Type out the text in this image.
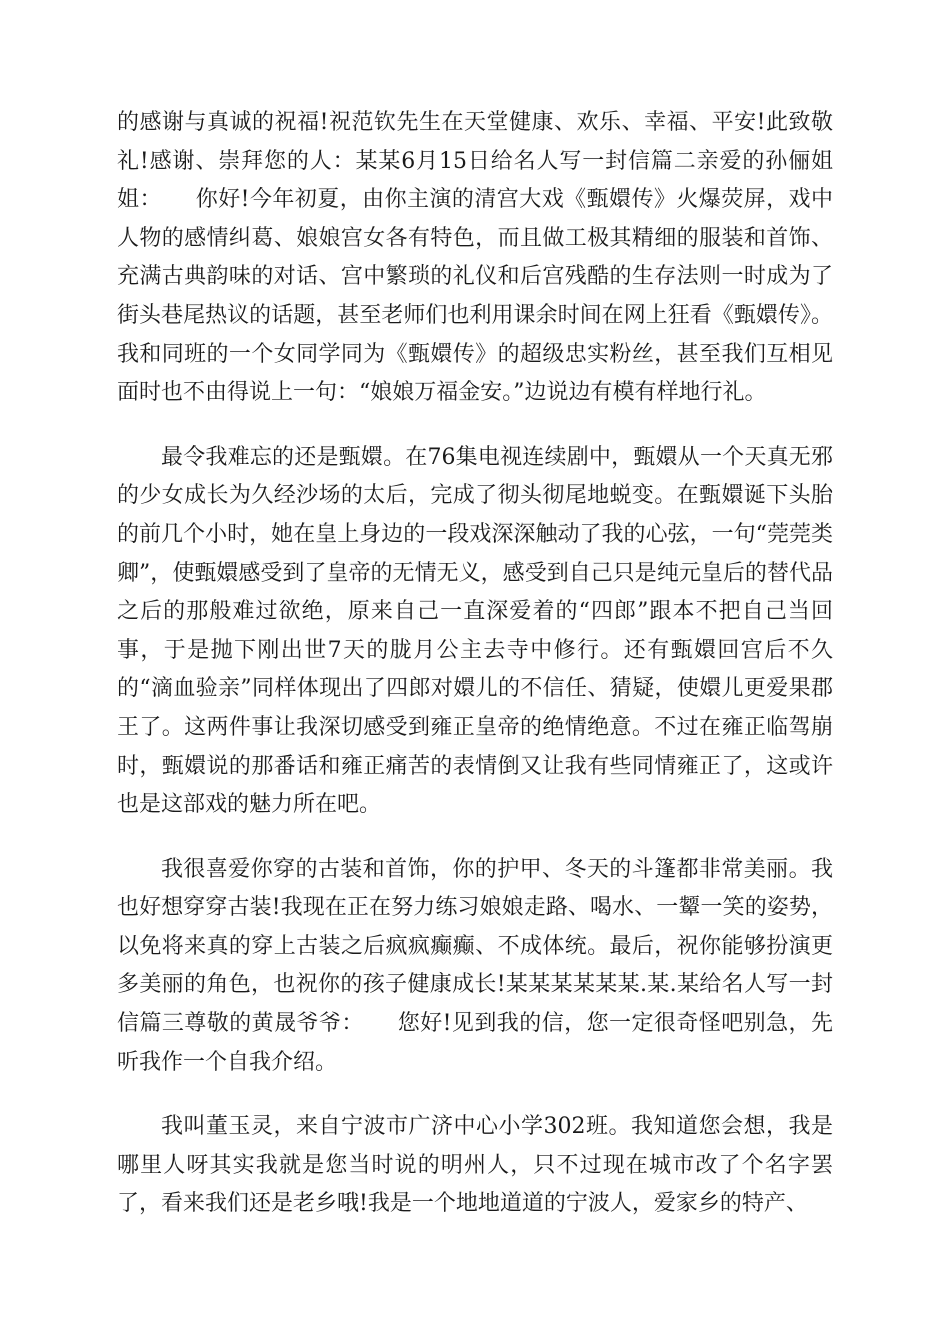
的感谢与真诚的祝福!祝范钦先生在天堂健康、欢乐、幸福、平安!此致敬礼!感谢、崇拜您的人：某某6月15日给名人写一封信篇二亲爱的孙俪姐姐：　　你好!今年初夏，由你主演的清宫大戏《甄嬛传》火爆荧屏，戏中人物的感情纠葛、娘娘宫女各有特色，而且做工极其精细的服装和首饰、充满古典韵味的对话、宫中繁琐的礼仪和后宫残酷的生存法则一时成为了街头巷尾热议的话题，甚至老师们也利用课余时间在网上狂看《甄嬛传》。我和同班的一个女同学同为《甄嬛传》的超级忠实粉丝，甚至我们互相见面时也不由得说上一句：“娘娘万福金安。”边说边有模有样地行礼。

最令我难忘的还是甄嬛。在76集电视连续剧中，甄嬛从一个天真无邪的少女成长为久经沙场的太后，完成了彻头彻尾地蜕变。在甄嬛诞下头胎的前几个小时，她在皇上身边的一段戏深深触动了我的心弦，一句“莞莞类卿”，使甄嬛感受到了皇帝的无情无义，感受到自己只是纯元皇后的替代品之后的那般难过欲绝，原来自己一直深爱着的“四郎”跟本不把自己当回事，于是抛下刚出世7天的胧月公主去寺中修行。还有甄嬛回宫后不久的“滴血验亲”同样体现出了四郎对嬛儿的不信任、猜疑，使嬛儿更爱果郡王了。这两件事让我深切感受到雍正皇帝的绝情绝意。不过在雍正临驾崩时，甄嬛说的那番话和雍正痛苦的表情倒又让我有些同情雍正了，这或许也是这部戏的魅力所在吧。

我很喜爱你穿的古装和首饰，你的护甲、冬天的斗篷都非常美丽。我也好想穿穿古装!我现在正在努力练习娘娘走路、喝水、一颦一笑的姿势，以免将来真的穿上古装之后疯疯癫癫、不成体统。最后，祝你能够扮演更多美丽的角色，也祝你的孩子健康成长!某某某某某某.某.某给名人写一封信篇三尊敬的黄晟爷爷：　　您好!见到我的信，您一定很奇怪吧别急，先听我作一个自我介绍。

我叫董玉灵，来自宁波市广济中心小学302班。我知道您会想，我是哪里人呀其实我就是您当时说的明州人，只不过现在城市改了个名字罢了，看来我们还是老乡哦!我是一个地地道道的宁波人，爱家乡的特产、
